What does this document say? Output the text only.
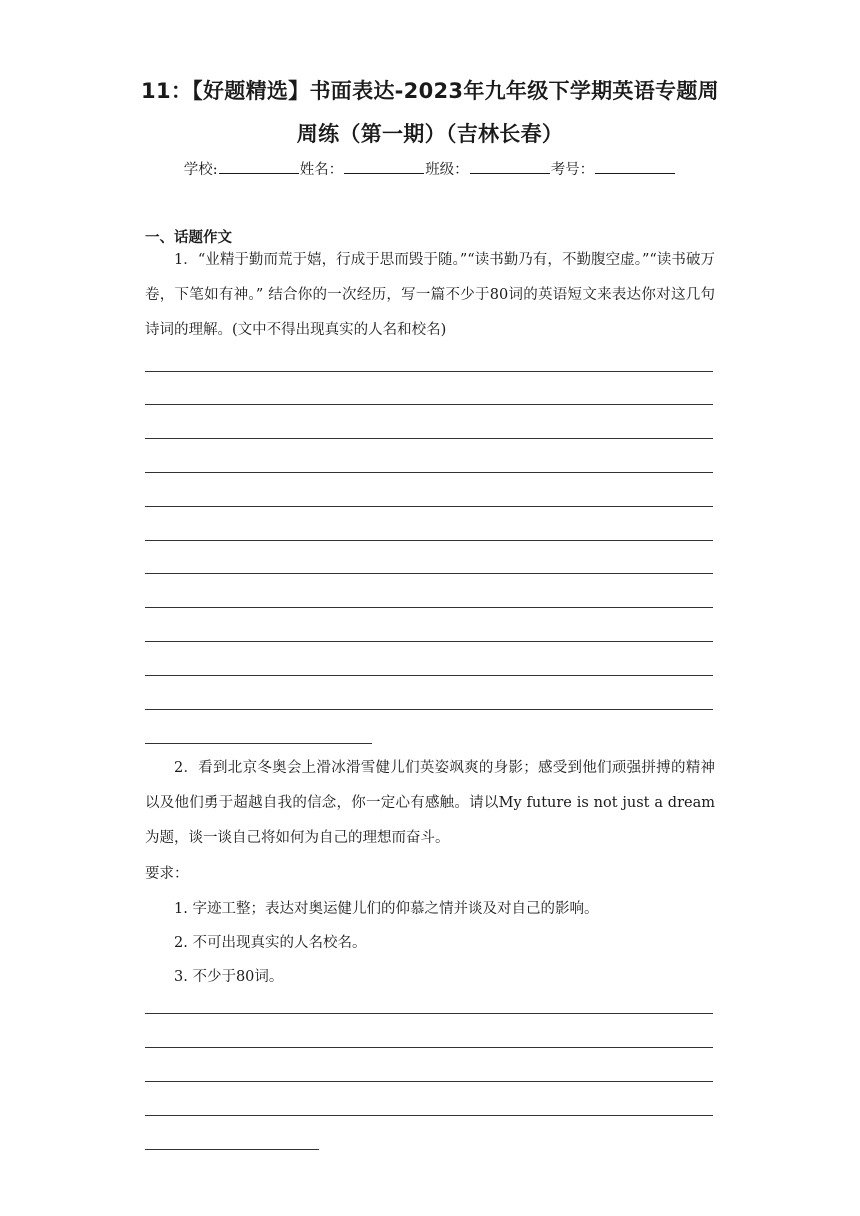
11：【好题精选】书面表达-2023年九年级下学期英语专题周
周练（第一期）（吉林长春）
学校:	姓名：	班级：	考号：
一、话题作文
1．“业精于勤而荒于嬉，行成于思而毁于随。”“读书勤乃有，不勤腹空虚。”“读书破万卷，下笔如有神。” 结合你的一次经历，写一篇不少于80词的英语短文来表达你对这几句诗词的理解。(文中不得出现真实的人名和校名)
2．看到北京冬奥会上滑冰滑雪健儿们英姿飒爽的身影；感受到他们顽强拼搏的精神以及他们勇于超越自我的信念，你一定心有感触。请以My future is not just a dream为题，谈一谈自己将如何为自己的理想而奋斗。
要求：
1. 字迹工整；表达对奥运健儿们的仰慕之情并谈及对自己的影响。
2. 不可出现真实的人名校名。
3. 不少于80词。
